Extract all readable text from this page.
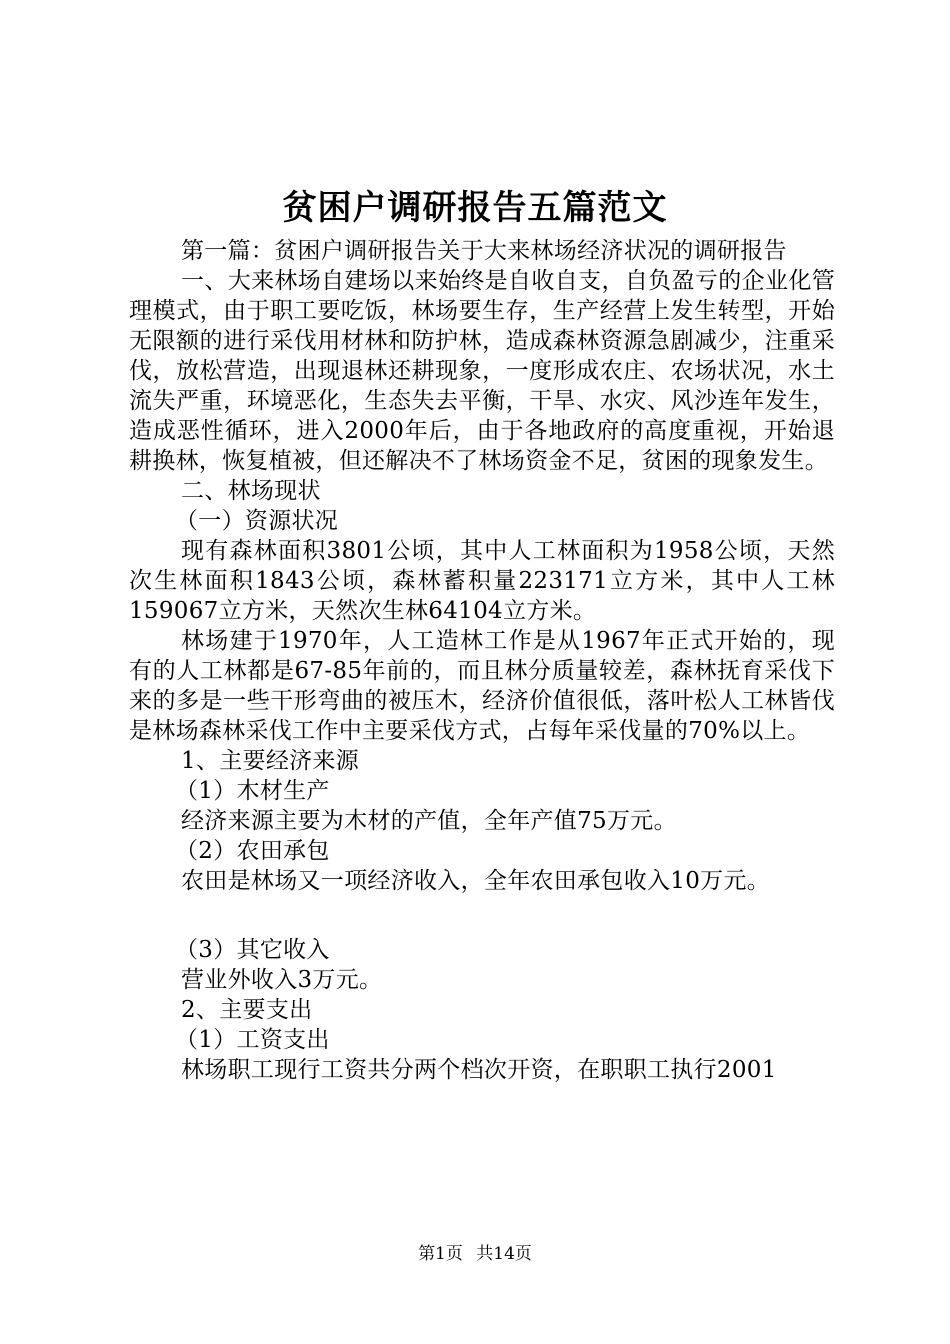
贫困户调研报告五篇范文

第一篇：贫困户调研报告关于大来林场经济状况的调研报告

一、大来林场自建场以来始终是自收自支，自负盈亏的企业化管理模式，由于职工要吃饭，林场要生存，生产经营上发生转型，开始无限额的进行采伐用材林和防护林，造成森林资源急剧减少，注重采伐，放松营造，出现退林还耕现象，一度形成农庄、农场状况，水土流失严重，环境恶化，生态失去平衡，干旱、水灾、风沙连年发生，造成恶性循环，进入2000年后，由于各地政府的高度重视，开始退耕换林，恢复植被，但还解决不了林场资金不足，贫困的现象发生。

二、林场现状

（一）资源状况

现有森林面积3801公顷，其中人工林面积为1958公顷，天然次生林面积1843公顷，森林蓄积量223171立方米，其中人工林159067立方米，天然次生林64104立方米。

林场建于1970年，人工造林工作是从1967年正式开始的，现有的人工林都是67-85年前的，而且林分质量较差，森林抚育采伐下来的多是一些干形弯曲的被压木，经济价值很低，落叶松人工林皆伐是林场森林采伐工作中主要采伐方式，占每年采伐量的70%以上。

1、主要经济来源

（1）木材生产

经济来源主要为木材的产值，全年产值75万元。

（2）农田承包

农田是林场又一项经济收入，全年农田承包收入10万元。

（3）其它收入

营业外收入3万元。

2、主要支出

（1）工资支出

林场职工现行工资共分两个档次开资，在职职工执行2001

第1页 共14页
